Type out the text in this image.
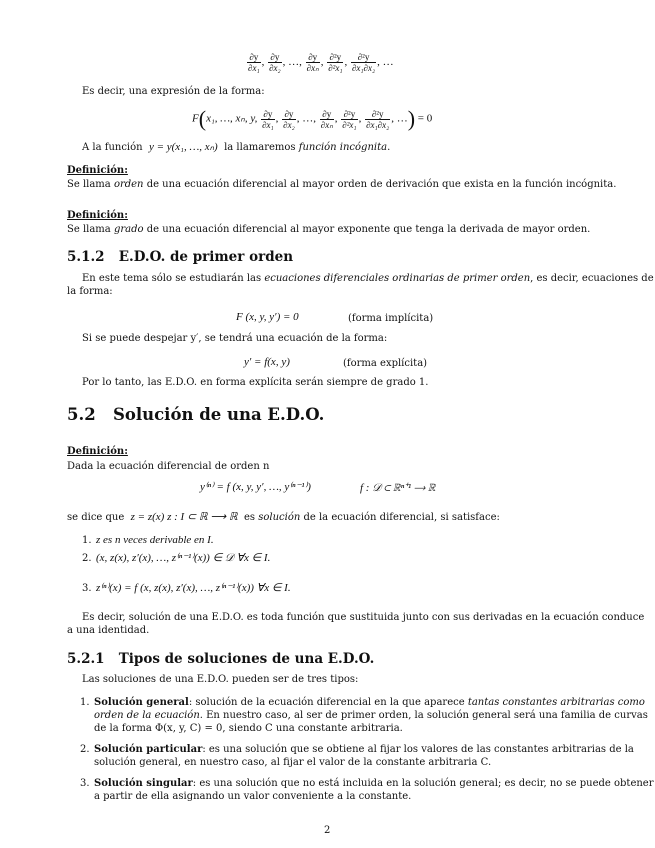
$\frac{\partial y}{\text{∂x₁}}$ , $\frac{\partial y}{\text{∂x₂}}$ , …, $\frac{\partial y}{\text{∂xₙ}}$ , $\frac{\text{∂²y}}{\text{∂²x₁}}$ , $\frac{\text{∂²y}}{\text{∂x₁∂x₂}}$ , …
Es decir, una expresión de la forma:
F(x₁, …, xₙ, y, $\frac{\partial y}{\text{∂x₁}}$ , $\frac{\partial y}{\text{∂x₂}}$ , …, $\frac{\partial y}{\text{∂xₙ}}$ , $\frac{\text{∂²y}}{\text{∂²x₁}}$ , $\frac{\text{∂²y}}{\text{∂x₁∂x₂}}$ , …) = 0
A la función y = y(x₁, …, xₙ) la llamaremos función incógnita.
Definición:
Se llama orden de una ecuación diferencial al mayor orden de derivación que exista en la función incógnita.
Definición:
Se llama grado de una ecuación diferencial al mayor exponente que tenga la derivada de mayor orden.
5.1.2 E.D.O. de primer orden
En este tema sólo se estudiarán las ecuaciones diferenciales ordinarias de primer orden, es decir, ecuaciones de
la forma:
F (x, y, y′) = 0	(forma implícita)
Si se puede despejar y′, se tendrá una ecuación de la forma:
y′ = f(x, y)	(forma explícita)
Por lo tanto, las E.D.O. en forma explícita serán siempre de grado 1.
5.2 Solución de una E.D.O.
Definición:
Dada la ecuación diferencial de orden n
y⁽ⁿ⁾ = f (x, y, y′, …, y⁽ⁿ⁻¹⁾)	f : 𝒟 ⊂ ℝⁿ⁺¹ ⟶ ℝ
se dice que z = z(x) z : I ⊂ ℝ ⟶ ℝ es solución de la ecuación diferencial, si satisface:
1. z es n veces derivable en I.
2. (x, z(x), z′(x), …, z⁽ⁿ⁻¹⁾(x)) ∈ 𝒟 ∀x ∈ I.
3. z⁽ⁿ⁾(x) = f (x, z(x), z′(x), …, z⁽ⁿ⁻¹⁾(x)) ∀x ∈ I.
Es decir, solución de una E.D.O. es toda función que sustituida junto con sus derivadas en la ecuación conduce
a una identidad.
5.2.1 Tipos de soluciones de una E.D.O.
Las soluciones de una E.D.O. pueden ser de tres tipos:
1. Solución general: solución de la ecuación diferencial en la que aparece tantas constantes arbitrarias como
orden de la ecuación. En nuestro caso, al ser de primer orden, la solución general será una familia de curvas
de la forma Φ(x, y, C) = 0, siendo C una constante arbitraria.
2. Solución particular: es una solución que se obtiene al fijar los valores de las constantes arbitrarias de la
solución general, en nuestro caso, al fijar el valor de la constante arbitraria C.
3. Solución singular: es una solución que no está incluida en la solución general; es decir, no se puede obtener
a partir de ella asignando un valor conveniente a la constante.
2
